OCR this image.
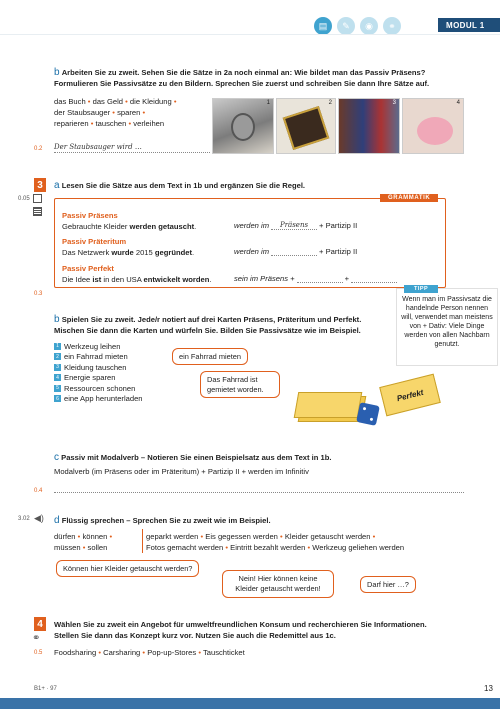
▤	✎	◉	⚭	MODUL 1
b Arbeiten Sie zu zweit. Sehen Sie die Sätze in 2a noch einmal an: Wie bildet man das Passiv Präsens?
Formulieren Sie Passivsätze zu den Bildern. Sprechen Sie zuerst und schreiben Sie dann Ihre Sätze auf.
das Buch • das Geld • die Kleidung •
der Staubsauger • sparen •
reparieren • tauschen • verleihen
1	2	3	4
0.2 Der Staubsauger wird …
3	a Lesen Sie die Sätze aus dem Text in 1b und ergänzen Sie die Regel.
0.05	GRAMMATIK
Passiv Präsens
Gebrauchte Kleider werden getauscht.	werden im	Präsens	+ Partizip II
Passiv Präteritum
Das Netzwerk wurde 2015 gegründet.	werden im	+ Partizip II
Passiv Perfekt
Die Idee ist in den USA entwickelt worden.	sein im Präsens +	+
0.3
Wenn man im Passivsatz die handelnde Person nennen will, verwendet man meistens von + Dativ: Viele Dinge werden von allen Nachbarn genutzt.
TIPP
b Spielen Sie zu zweit. Jede/r notiert auf drei Karten Präsens, Präteritum und Perfekt.
Mischen Sie dann die Karten und würfeln Sie. Bilden Sie Passivsätze wie im Beispiel.
1 Werkzeug leihen
2 ein Fahrrad mieten
3 Kleidung tauschen
4 Energie sparen
5 Ressourcen schonen
6 eine App herunterladen
ein Fahrrad mieten
Das Fahrrad ist gemietet worden.	Perfekt
c Passiv mit Modalverb – Notieren Sie einen Beispielsatz aus dem Text in 1b.
Modalverb (im Präsens oder im Präteritum) + Partizip II + werden im Infinitiv
0.4
3.02 ◀) d Flüssig sprechen – Sprechen Sie zu zweit wie im Beispiel.
dürfen • können •
müssen • sollen
geparkt werden • Eis gegessen werden • Kleider getauscht werden •
Fotos gemacht werden • Eintritt bezahlt werden • Werkzeug geliehen werden
Können hier Kleider getauscht werden?
Nein! Hier können keine Kleider getauscht werden!	Darf hier …?
4
⚭
Wählen Sie zu zweit ein Angebot für umweltfreundlichen Konsum und recherchieren Sie Informationen.
Stellen Sie dann das Konzept kurz vor. Nutzen Sie auch die Redemittel aus 1c.
0.5 Foodsharing • Carsharing • Pop-up-Stores • Tauschticket
B1+ · 97	13
